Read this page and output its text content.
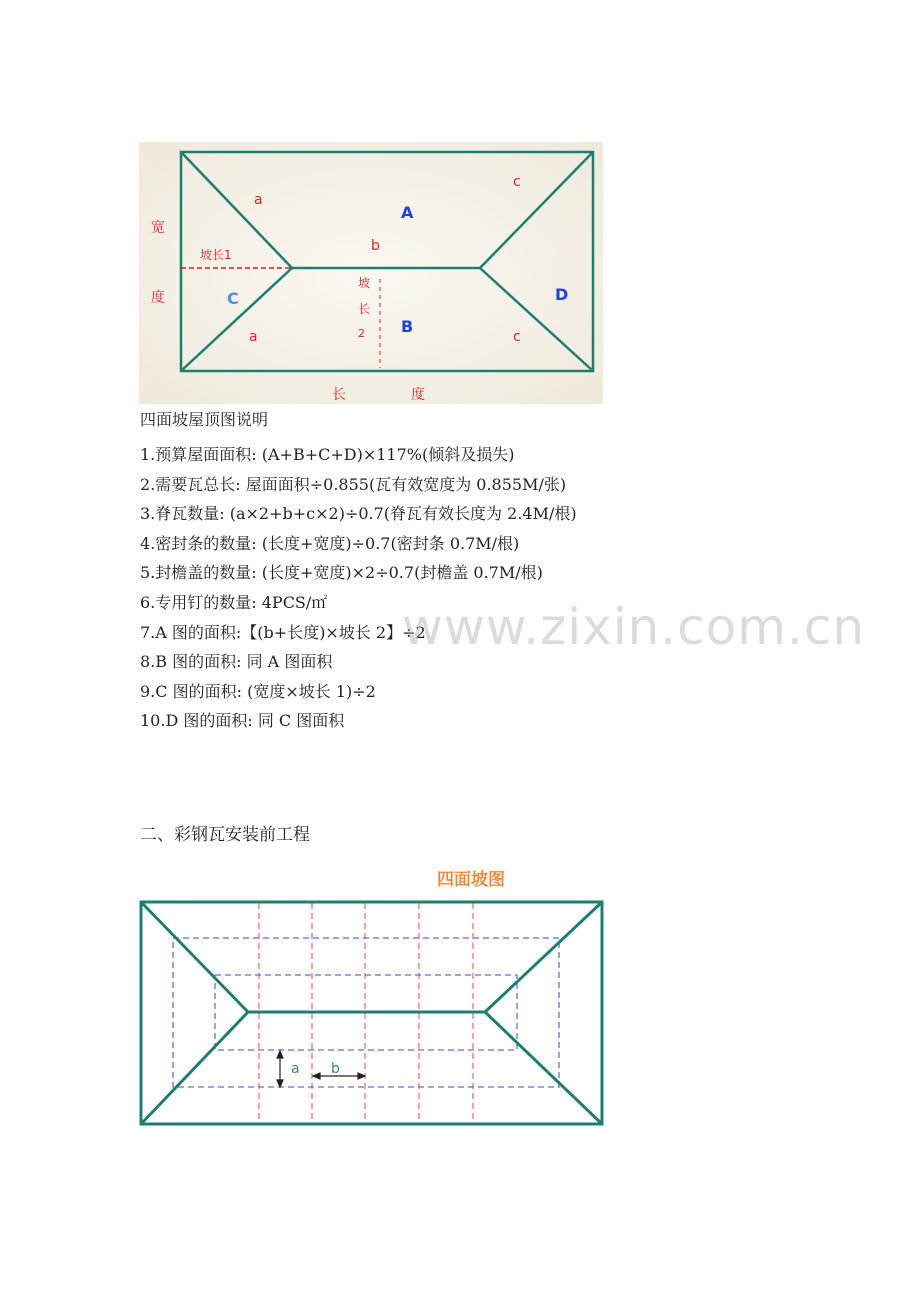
宽
度
长	度
A
B
C	D
a
a
b
c
c
坡长1
坡
长
2
四面坡屋顶图说明
1.预算屋面面积: (A+B+C+D)×117%(倾斜及损失)
2.需要瓦总长: 屋面面积÷0.855(瓦有效宽度为 0.855M/张)
3.脊瓦数量: (a×2+b+c×2)÷0.7(脊瓦有效长度为 2.4M/根)
4.密封条的数量: (长度+宽度)÷0.7(密封条 0.7M/根)
5.封檐盖的数量: (长度+宽度)×2÷0.7(封檐盖 0.7M/根)
6.专用钉的数量: 4PCS/㎡
7.A 图的面积:【(b+长度)×坡长 2】÷2
8.B 图的面积: 同 A 图面积
9.C 图的面积: (宽度×坡长 1)÷2
10.D 图的面积: 同 C 图面积
www.zixin.com.cn
二、彩钢瓦安装前工程
四面坡图
a b
